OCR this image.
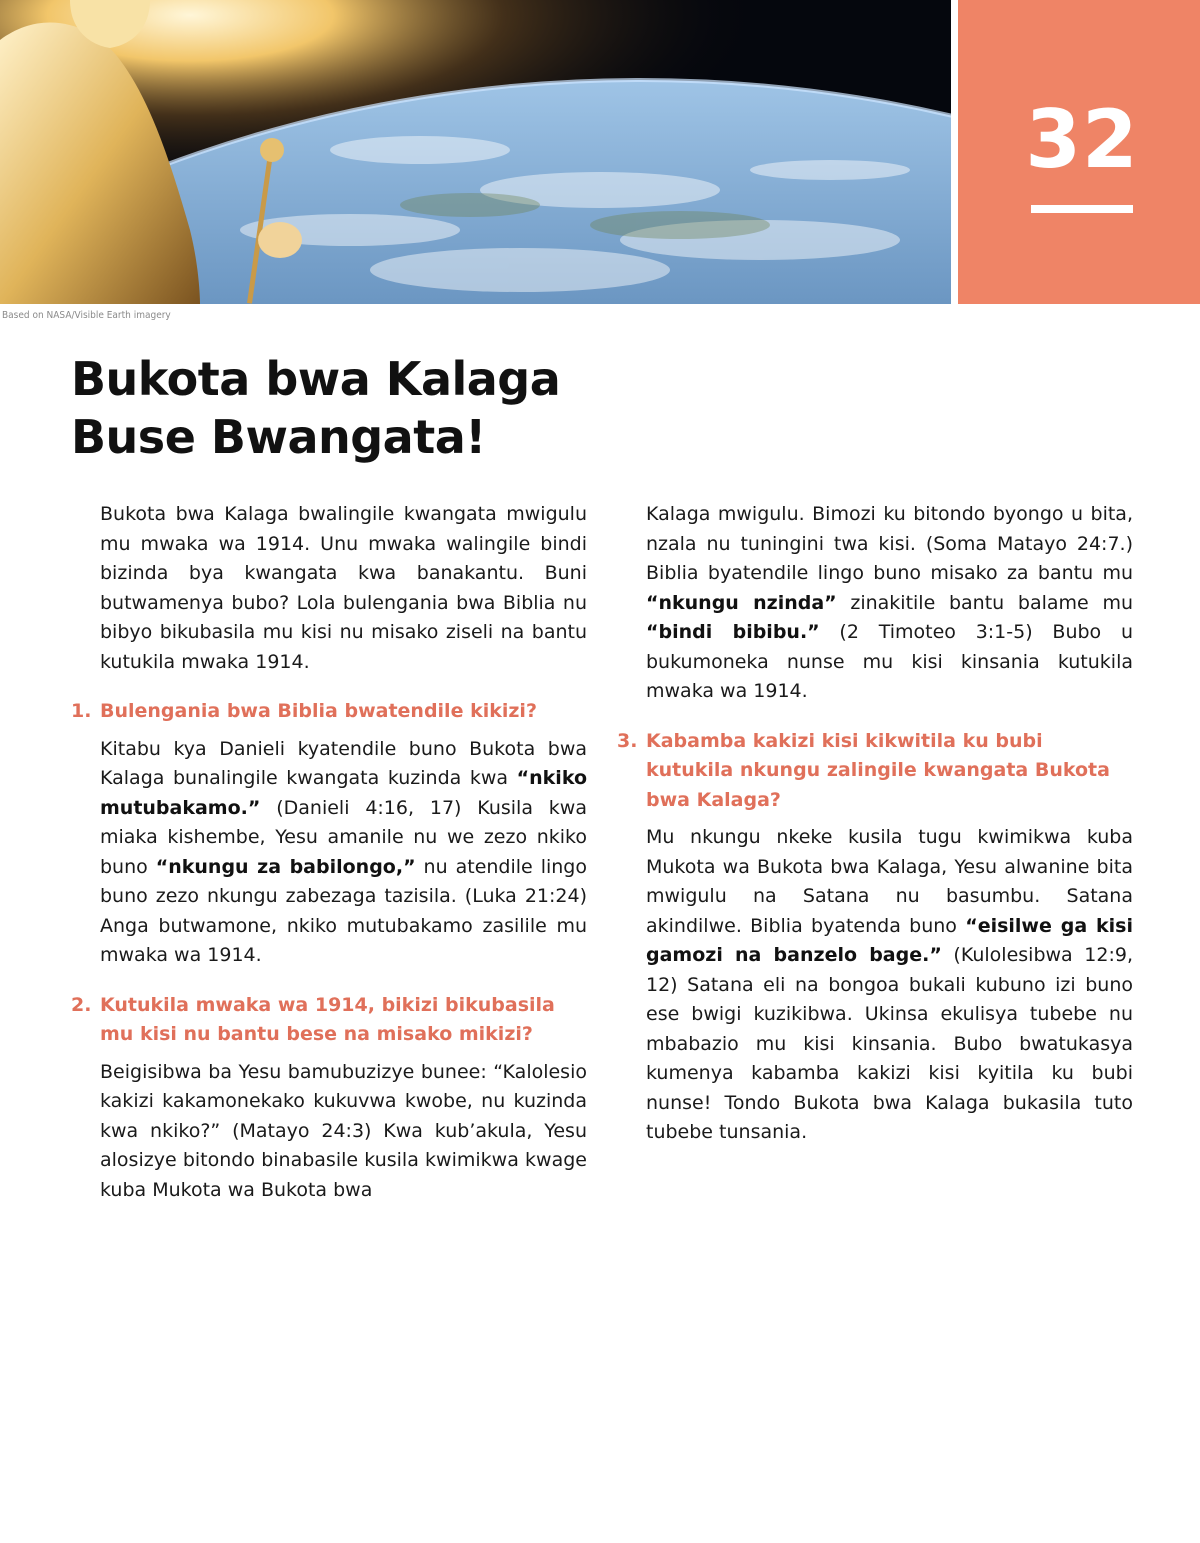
32
Based on NASA/Visible Earth imagery
Bukota bwa Kalaga
Buse Bwangata!

Bukota bwa Kalaga bwalingile kwangata mwigulu mu mwaka wa 1914. Unu mwaka walingile bindi bizinda bya kwangata kwa banakantu. Buni butwamenya bubo? Lola bulengania bwa Biblia nu bibyo bikubasila mu kisi nu misako ziseli na bantu kutukila mwaka 1914.

1. Bulengania bwa Biblia bwatendile kikizi?

Kitabu kya Danieli kyatendile buno Bukota bwa Kalaga bunalingile kwangata kuzinda kwa “nkiko mutubakamo.” (Danieli 4:16, 17) Kusila kwa miaka kishembe, Yesu amanile nu we zezo nkiko buno “nkungu za babilongo,” nu atendile lingo buno zezo nkungu zabezaga tazisila. (Luka 21:24) Anga butwamone, nkiko mutubakamo zasilile mu mwaka wa 1914.

2. Kutukila mwaka wa 1914, bikizi bikubasila mu kisi nu bantu bese na misako mikizi?

Beigisibwa ba Yesu bamubuzizye bunee: “Kalolesio kakizi kakamonekako kukuvwa kwobe, nu kuzinda kwa nkiko?” (Matayo 24:3) Kwa kub’akula, Yesu alosizye bitondo binabasile kusila kwimikwa kwage kuba Mukota wa Bukota bwa

Kalaga mwigulu. Bimozi ku bitondo byongo u bita, nzala nu tuningini twa kisi. (Soma Matayo 24:7.) Biblia byatendile lingo buno misako za bantu mu “nkungu nzinda” zinakitile bantu balame mu “bindi bibibu.” (2 Timoteo 3:1-5) Bubo u bukumoneka nunse mu kisi kinsania kutukila mwaka wa 1914.

3. Kabamba kakizi kisi kikwitila ku bubi kutukila nkungu zalingile kwangata Bukota bwa Kalaga?

Mu nkungu nkeke kusila tugu kwimikwa kuba Mukota wa Bukota bwa Kalaga, Yesu alwanine bita mwigulu na Satana nu basumbu. Satana akindilwe. Biblia byatenda buno “eisilwe ga kisi gamozi na banzelo bage.” (Kulolesibwa 12:9, 12) Satana eli na bongoa bukali kubuno izi buno ese bwigi kuzikibwa. Ukinsa ekulisya tubebe nu mbabazio mu kisi kinsania. Bubo bwatukasya kumenya kabamba kakizi kisi kyitila ku bubi nunse! Tondo Bukota bwa Kalaga bukasila tuto tubebe tunsania.
